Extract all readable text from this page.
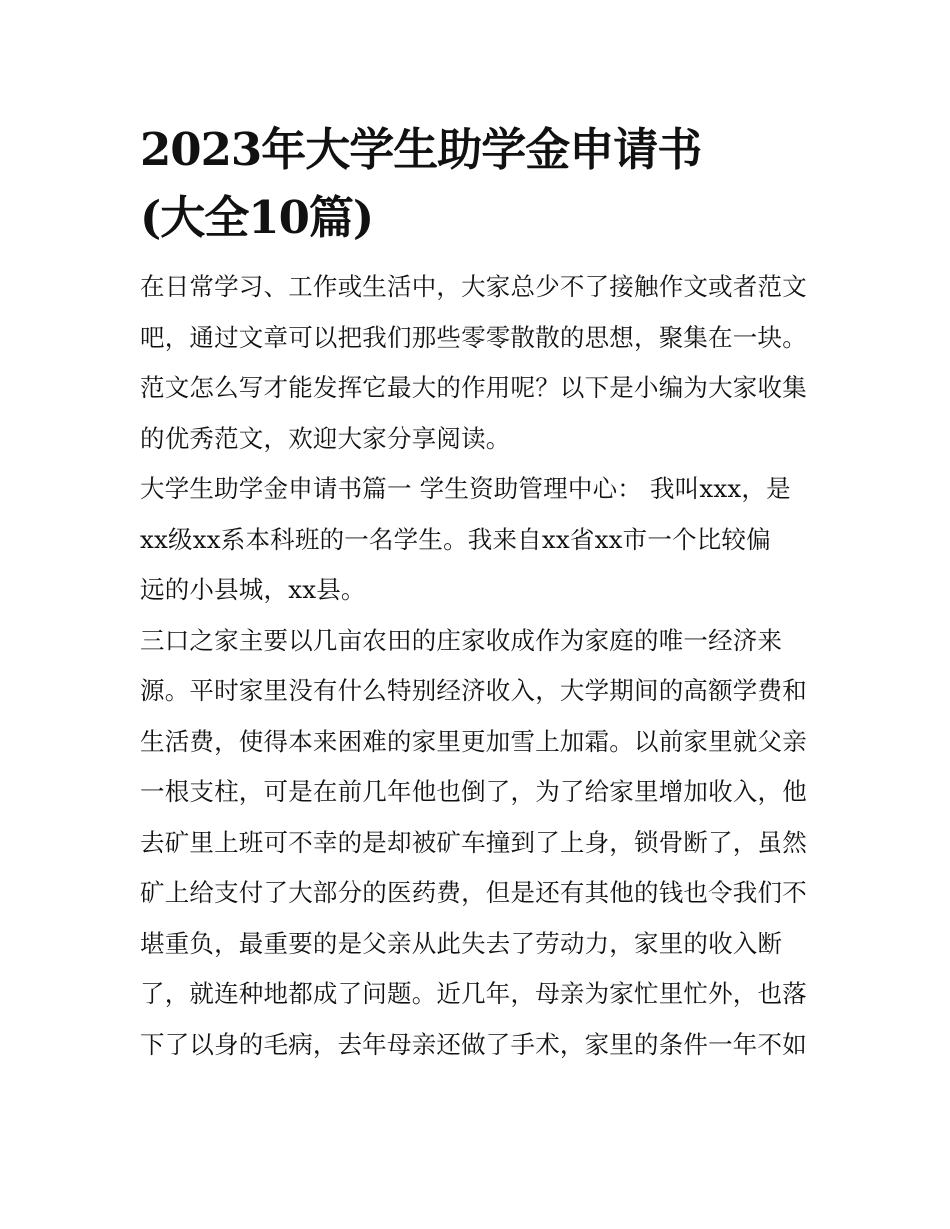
2023年大学生助学金申请书
(大全10篇)

在日常学习、工作或生活中，大家总少不了接触作文或者范文
吧，通过文章可以把我们那些零零散散的思想，聚集在一块。
范文怎么写才能发挥它最大的作用呢？以下是小编为大家收集
的优秀范文，欢迎大家分享阅读。

大学生助学金申请书篇一 学生资助管理中心： 我叫xxx，是
xx级xx系本科班的一名学生。我来自xx省xx市一个比较偏
远的小县城，xx县。

三口之家主要以几亩农田的庄家收成作为家庭的唯一经济来
源。平时家里没有什么特别经济收入，大学期间的高额学费和
生活费，使得本来困难的家里更加雪上加霜。以前家里就父亲
一根支柱，可是在前几年他也倒了，为了给家里增加收入，他
去矿里上班可不幸的是却被矿车撞到了上身，锁骨断了，虽然
矿上给支付了大部分的医药费，但是还有其他的钱也令我们不
堪重负，最重要的是父亲从此失去了劳动力，家里的收入断
了，就连种地都成了问题。近几年，母亲为家忙里忙外，也落
下了以身的毛病，去年母亲还做了手术，家里的条件一年不如
